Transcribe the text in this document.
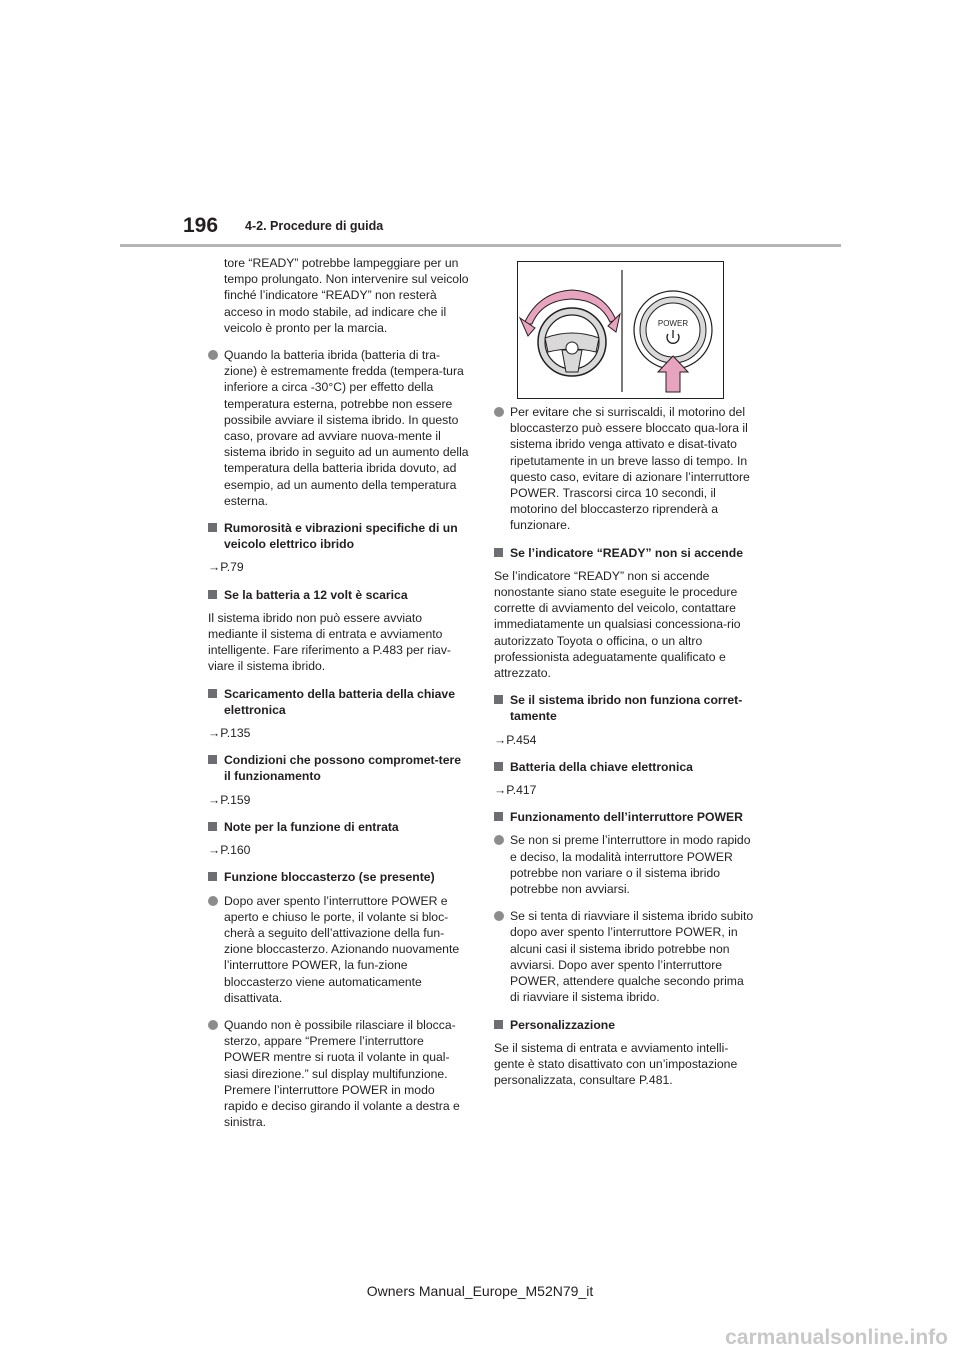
196 4-2. Procedure di guida
tore “READY” potrebbe lampeggiare per un tempo prolungato. Non intervenire sul veicolo finché l’indicatore “READY” non resterà acceso in modo stabile, ad indicare che il veicolo è pronto per la marcia.
Quando la batteria ibrida (batteria di tra-zione) è estremamente fredda (tempera-tura inferiore a circa -30°C) per effetto della temperatura esterna, potrebbe non essere possibile avviare il sistema ibrido. In questo caso, provare ad avviare nuova-mente il sistema ibrido in seguito ad un aumento della temperatura della batteria ibrida dovuto, ad esempio, ad un aumento della temperatura esterna.
Rumorosità e vibrazioni specifiche di un veicolo elettrico ibrido
→P.79
Se la batteria a 12 volt è scarica
Il sistema ibrido non può essere avviato mediante il sistema di entrata e avviamento intelligente. Fare riferimento a P.483 per riav-viare il sistema ibrido.
Scaricamento della batteria della chiave elettronica
→P.135
Condizioni che possono compromet-tere il funzionamento
→P.159
Note per la funzione di entrata
→P.160
Funzione bloccasterzo (se presente)
Dopo aver spento l’interruttore POWER e aperto e chiuso le porte, il volante si bloc-cherà a seguito dell’attivazione della fun-zione bloccasterzo. Azionando nuovamente l’interruttore POWER, la fun-zione bloccasterzo viene automaticamente disattivata.
Quando non è possibile rilasciare il blocca-sterzo, appare “Premere l’interruttore POWER mentre si ruota il volante in qual-siasi direzione.” sul display multifunzione. Premere l’interruttore POWER in modo rapido e deciso girando il volante a destra e sinistra.
POWER
Per evitare che si surriscaldi, il motorino del bloccasterzo può essere bloccato qua-lora il sistema ibrido venga attivato e disat-tivato ripetutamente in un breve lasso di tempo. In questo caso, evitare di azionare l’interruttore POWER. Trascorsi circa 10 secondi, il motorino del bloccasterzo riprenderà a funzionare.
Se l’indicatore “READY” non si accende
Se l’indicatore “READY” non si accende nonostante siano state eseguite le procedure corrette di avviamento del veicolo, contattare immediatamente un qualsiasi concessiona-rio autorizzato Toyota o officina, o un altro professionista adeguatamente qualificato e attrezzato.
Se il sistema ibrido non funziona corret-tamente
→P.454
Batteria della chiave elettronica
→P.417
Funzionamento dell’interruttore POWER
Se non si preme l’interruttore in modo rapido e deciso, la modalità interruttore POWER potrebbe non variare o il sistema ibrido potrebbe non avviarsi.
Se si tenta di riavviare il sistema ibrido subito dopo aver spento l’interruttore POWER, in alcuni casi il sistema ibrido potrebbe non avviarsi. Dopo aver spento l’interruttore POWER, attendere qualche secondo prima di riavviare il sistema ibrido.
Personalizzazione
Se il sistema di entrata e avviamento intelli-gente è stato disattivato con un’impostazione personalizzata, consultare P.481.
Owners Manual_Europe_M52N79_it
carmanualsonline.info
